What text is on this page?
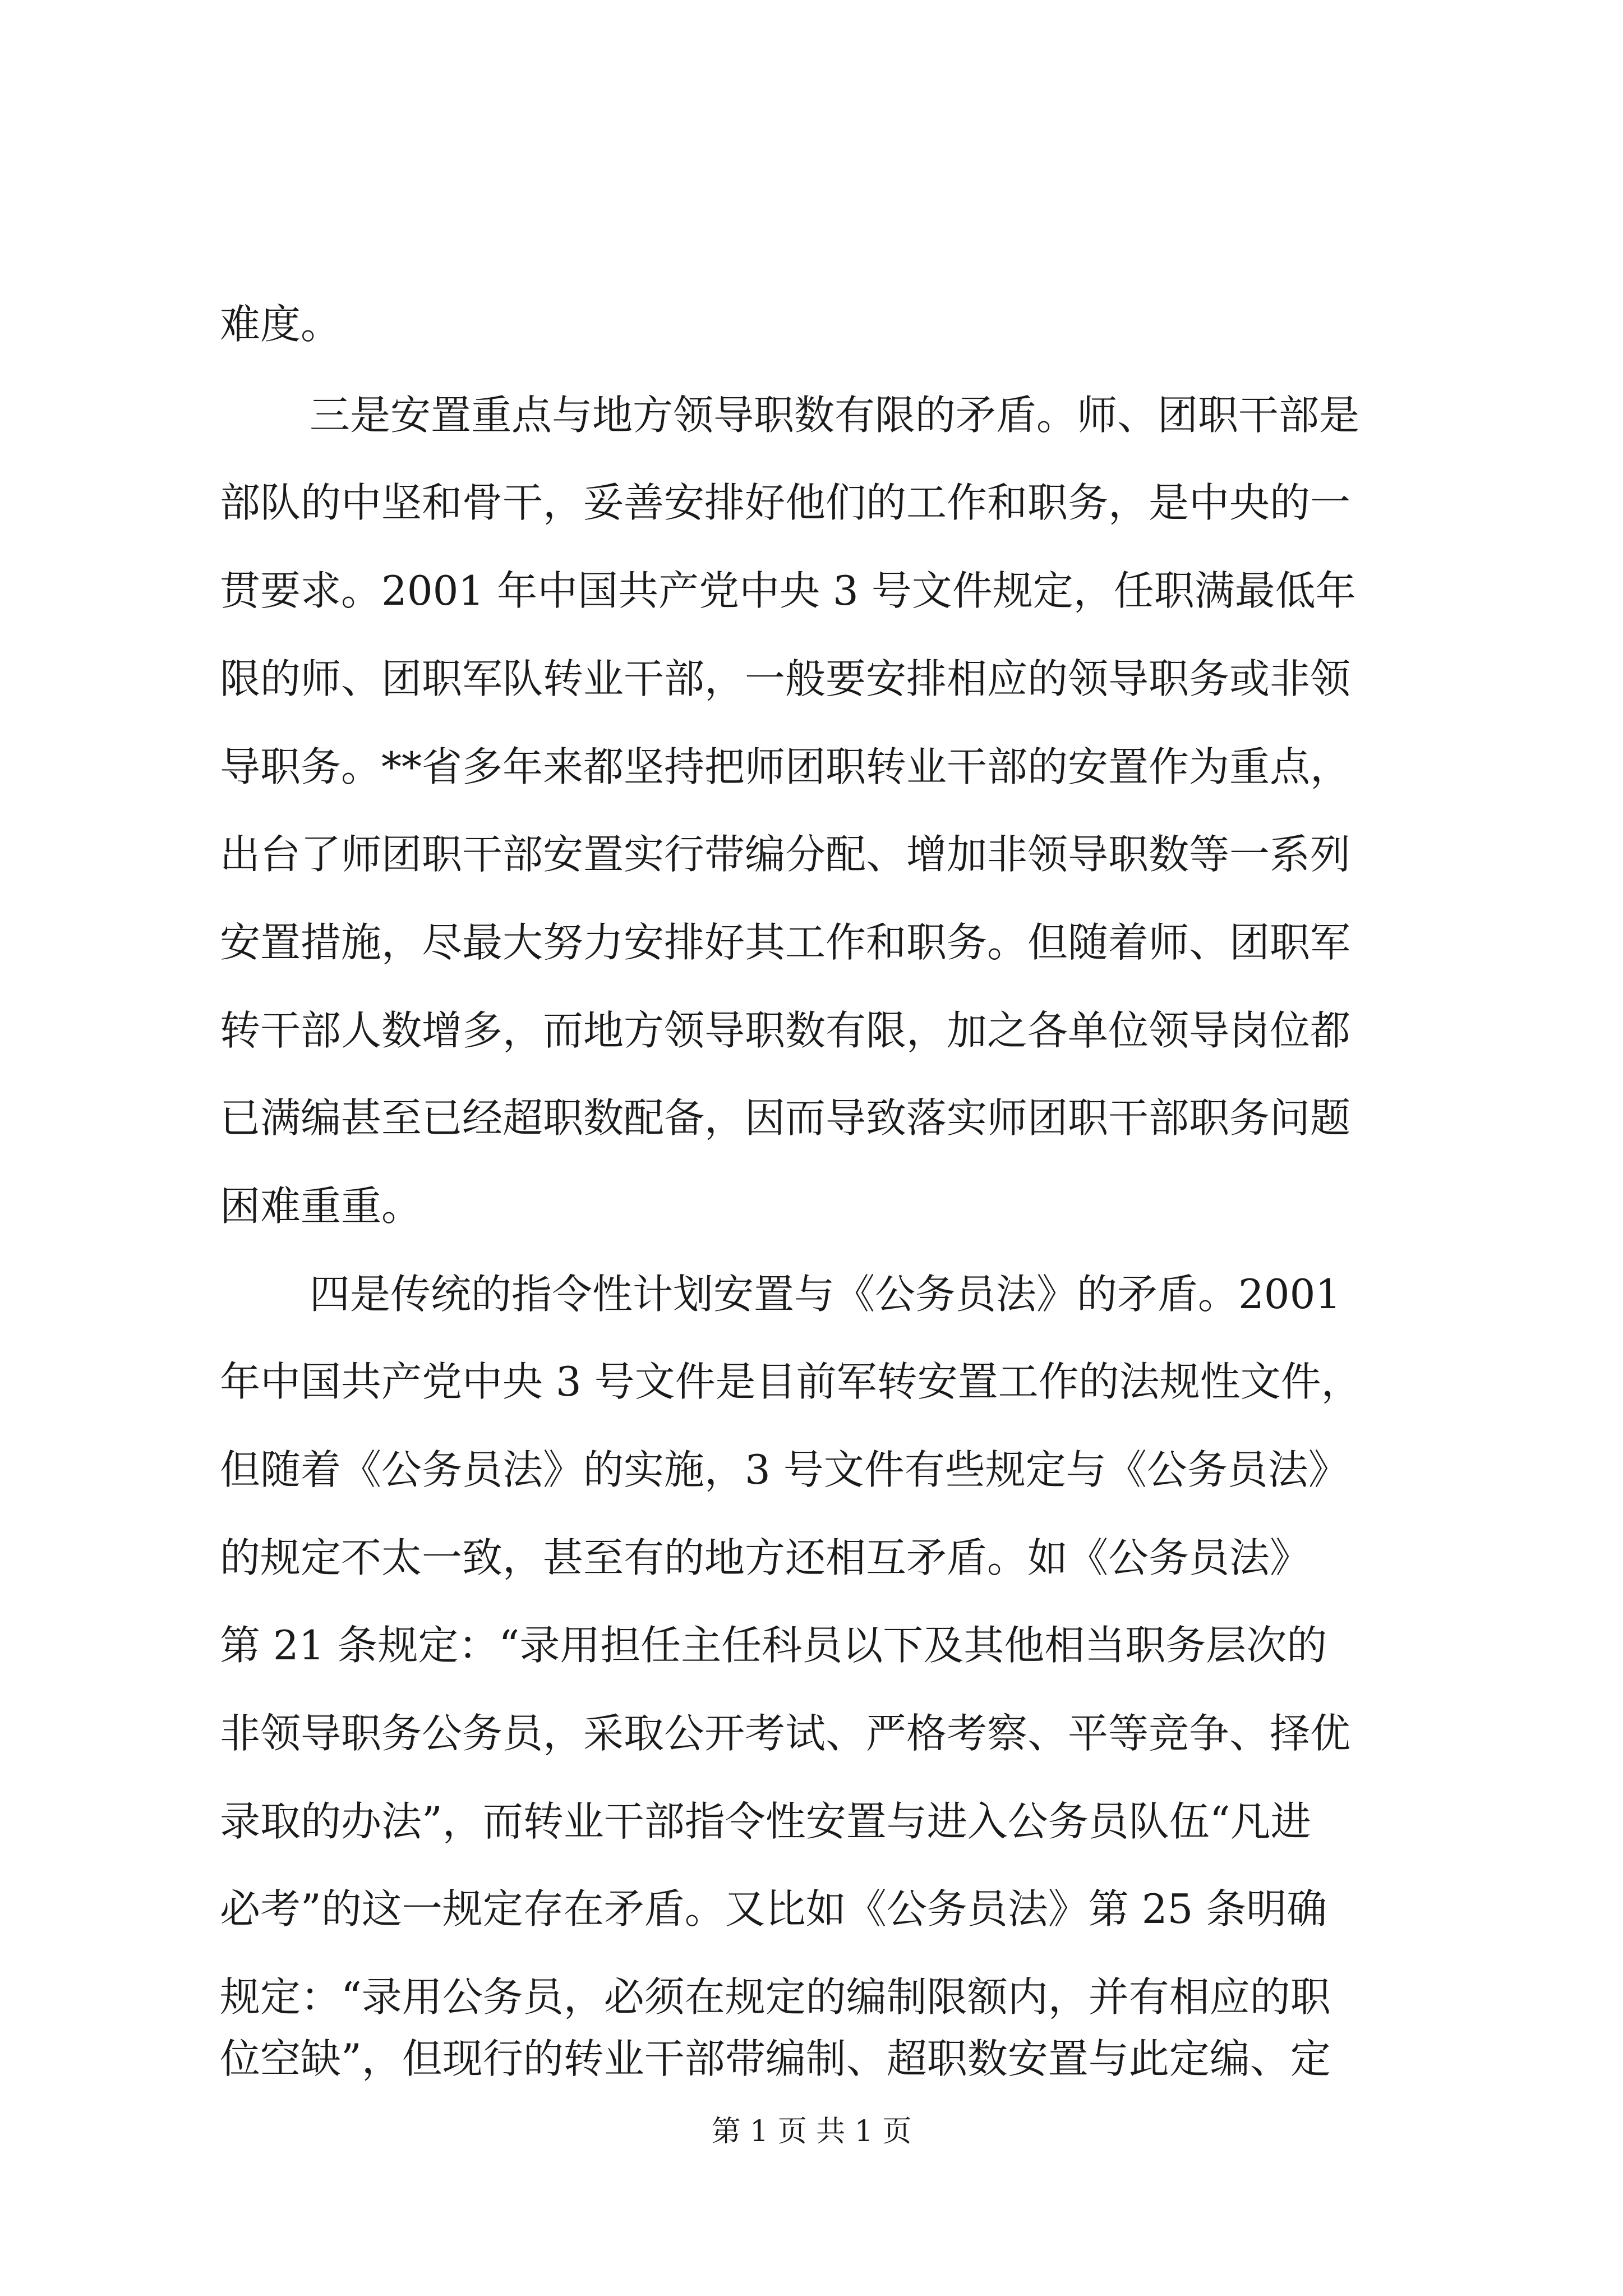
难度。
三是安置重点与地方领导职数有限的矛盾。师、团职干部是
部队的中坚和骨干，妥善安排好他们的工作和职务，是中央的一
贯要求。2001 年中国共产党中央 3 号文件规定，任职满最低年
限的师、团职军队转业干部，一般要安排相应的领导职务或非领
导职务。**省多年来都坚持把师团职转业干部的安置作为重点，
出台了师团职干部安置实行带编分配、增加非领导职数等一系列
安置措施，尽最大努力安排好其工作和职务。但随着师、团职军
转干部人数增多，而地方领导职数有限，加之各单位领导岗位都
已满编甚至已经超职数配备，因而导致落实师团职干部职务问题
困难重重。
四是传统的指令性计划安置与《公务员法》的矛盾。2001
年中国共产党中央 3 号文件是目前军转安置工作的法规性文件，
但随着《公务员法》的实施，3 号文件有些规定与《公务员法》
的规定不太一致，甚至有的地方还相互矛盾。如《公务员法》
第 21 条规定：“录用担任主任科员以下及其他相当职务层次的
非领导职务公务员，采取公开考试、严格考察、平等竞争、择优
录取的办法”，而转业干部指令性安置与进入公务员队伍“凡进
必考”的这一规定存在矛盾。又比如《公务员法》第 25 条明确
规定：“录用公务员，必须在规定的编制限额内，并有相应的职
位空缺”，但现行的转业干部带编制、超职数安置与此定编、定
第 1 页 共 1 页
